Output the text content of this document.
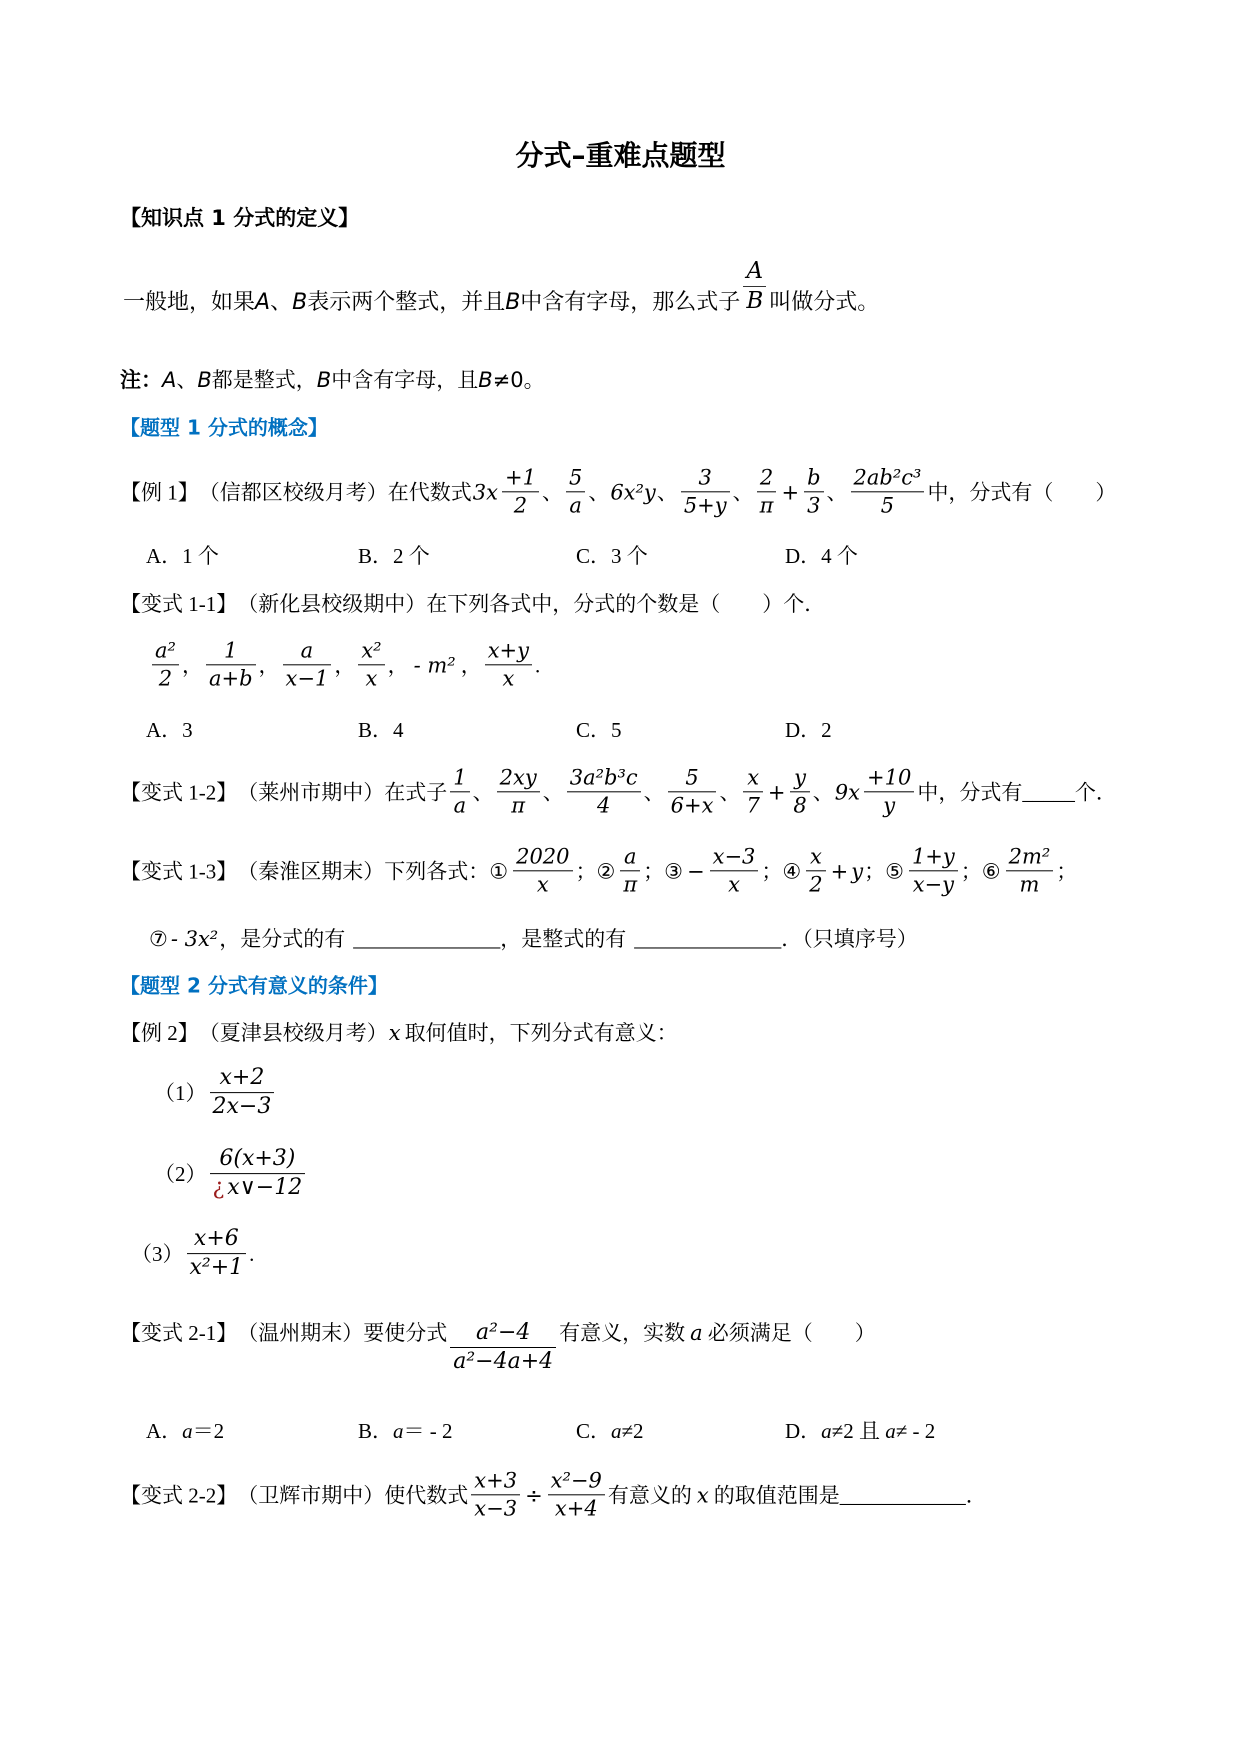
分式–重难点题型
【知识点 1 分式的定义】
一般地，如果 A 、 B 表示两个整式，并且 B 中含有字母，那么式子 $\frac{A}{B}$ 叫做分式。
注： A 、 B 都是整式， B 中含有字母，且 B ≠0。
【题型 1 分式的概念】
【例 1】 （信都区校级月考） 在代数式 $3x \frac{+1}{2}$ 、 $\frac{5}{a}$ 、 6x²y 、 $\frac{3}{5+y}$ 、 $\frac{2}{\pi} + \frac{b}{3}$ 、 $\frac{\text{2ab²c³}}{5}$ 中，分式有（　　）
A．1 个	B．2 个	C．3 个	D．4 个
【变式 1-1】 （新化县校级期中） 在下列各式中，分式的个数是（　　）个．
$\frac{\text{a²}}{2}$ ， $\frac{1}{a+b}$ ， $\frac{a}{x-1}$ ， $\frac{\text{x²}}{x}$ ， - m² ， $\frac{x+y}{x}$ .
A．3	B．4	C．5	D．2
【变式 1-2】 （莱州市期中） 在式子 $\frac{1}{a}$ 、 $\frac{2xy}{\pi}$ 、 $\frac{\text{3a²b³c}}{4}$ 、 $\frac{5}{6+x}$ 、 $\frac{x}{7} + \frac{y}{8}$ 、 $9x \frac{+10}{y}$ 中，分式有 _____ 个．
【变式 1-3】 （秦淮区期末） 下列各式： ① $\frac{2020}{x}$ ； ② $\frac{a}{\pi}$ ； ③ − $\frac{x-3}{x}$ ； ④ $\frac{x}{2} + y$ ； ⑤ $\frac{1+y}{x-y}$ ； ⑥ $\frac{\text{2m²}}{m}$ ；
⑦ - 3x² ，是分式的有 ______________ ，是整式的有 ______________ ．（只填序号）
【题型 2 分式有意义的条件】
【例 2】 （夏津县校级月考） x 取何值时，下列分式有意义：
$(1) \frac{x+2}{2x-3}$
$(2) \frac{6(x+3)}{¿ x\vee-12}$
$(3) \frac{x+6}{\text{x²+1}}$ .
【变式 2-1】 （温州期末） 要使分式 $\frac{\text{a²−4}}{\text{a²−4a+4}}$ 有意义，实数 a 必须满足（　　）
A．a＝2	B．a＝ - 2	C．a≠2	D．a≠2 且 a≠ - 2
【变式 2-2】 （卫辉市期中） 使代数式 $\frac{x+3}{x-3} \div \frac{\text{x²−9}}{x+4}$ 有意义的 x 的取值范围是 ____________ ．
